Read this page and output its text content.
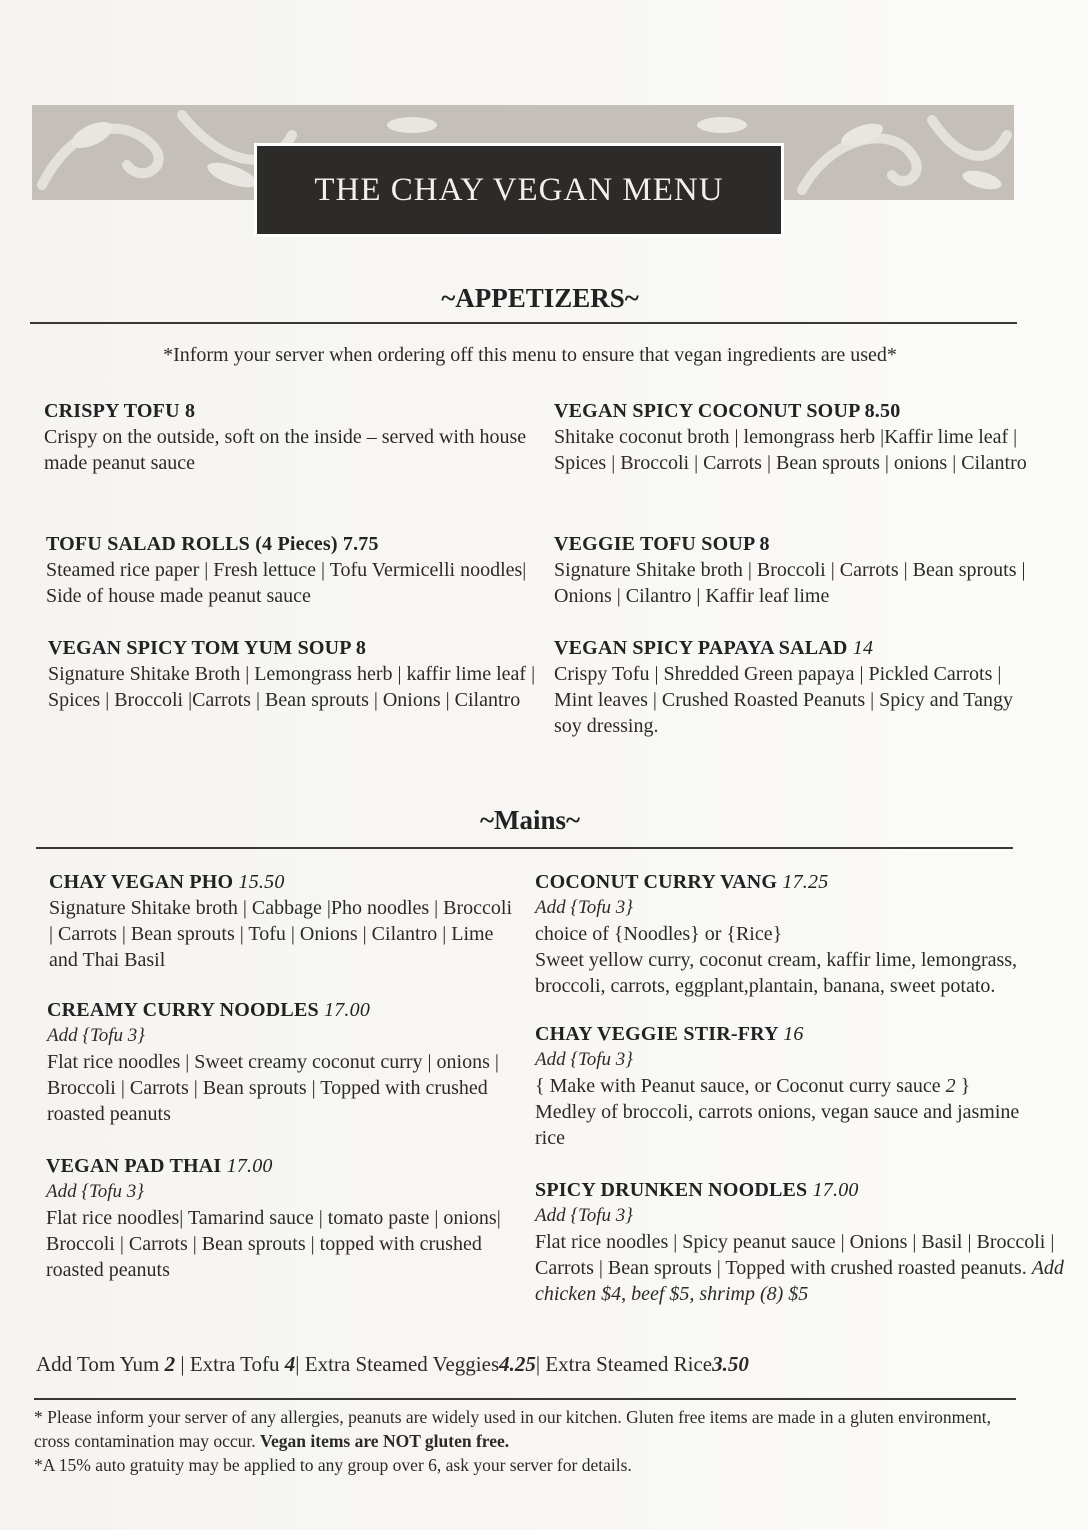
THE CHAY VEGAN MENU
~APPETIZERS~
*Inform your server when ordering off this menu to ensure that vegan ingredients are used*
CRISPY TOFU 8
Crispy on the outside, soft on the inside – served with house made peanut sauce
VEGAN SPICY COCONUT SOUP 8.50
Shitake coconut broth | lemongrass herb |Kaffir lime leaf | Spices | Broccoli | Carrots | Bean sprouts | onions | Cilantro
TOFU SALAD ROLLS (4 Pieces) 7.75
Steamed rice paper | Fresh lettuce | Tofu Vermicelli noodles| Side of house made peanut sauce
VEGGIE TOFU SOUP 8
Signature Shitake broth | Broccoli | Carrots | Bean sprouts | Onions | Cilantro | Kaffir leaf lime
VEGAN SPICY TOM YUM SOUP 8
Signature Shitake Broth | Lemongrass herb | kaffir lime leaf | Spices | Broccoli |Carrots | Bean sprouts | Onions | Cilantro
VEGAN SPICY PAPAYA SALAD 14
Crispy Tofu | Shredded Green papaya | Pickled Carrots | Mint leaves | Crushed Roasted Peanuts | Spicy and Tangy soy dressing.
~Mains~
CHAY VEGAN PHO 15.50
Signature Shitake broth | Cabbage |Pho noodles | Broccoli | Carrots | Bean sprouts | Tofu | Onions | Cilantro | Lime and Thai Basil
COCONUT CURRY VANG 17.25
Add {Tofu 3}
choice of {Noodles} or {Rice}
Sweet yellow curry, coconut cream, kaffir lime, lemongrass, broccoli, carrots, eggplant,plantain, banana, sweet potato.
CREAMY CURRY NOODLES 17.00
Add {Tofu 3}
Flat rice noodles | Sweet creamy coconut curry | onions | Broccoli | Carrots | Bean sprouts | Topped with crushed roasted peanuts
CHAY VEGGIE STIR-FRY 16
Add {Tofu 3}
{ Make with Peanut sauce, or Coconut curry sauce 2 }
Medley of broccoli, carrots onions, vegan sauce and jasmine rice
VEGAN PAD THAI 17.00
Add {Tofu 3}
Flat rice noodles| Tamarind sauce | tomato paste | onions| Broccoli | Carrots | Bean sprouts | topped with crushed roasted peanuts
SPICY DRUNKEN NOODLES 17.00
Add {Tofu 3}
Flat rice noodles | Spicy peanut sauce | Onions | Basil | Broccoli | Carrots | Bean sprouts | Topped with crushed roasted peanuts. Add chicken $4, beef $5, shrimp (8) $5
Add Tom Yum 2 | Extra Tofu 4| Extra Steamed Veggies4.25| Extra Steamed Rice3.50
* Please inform your server of any allergies, peanuts are widely used in our kitchen. Gluten free items are made in a gluten environment, cross contamination may occur. Vegan items are NOT gluten free.
*A 15% auto gratuity may be applied to any group over 6, ask your server for details.
